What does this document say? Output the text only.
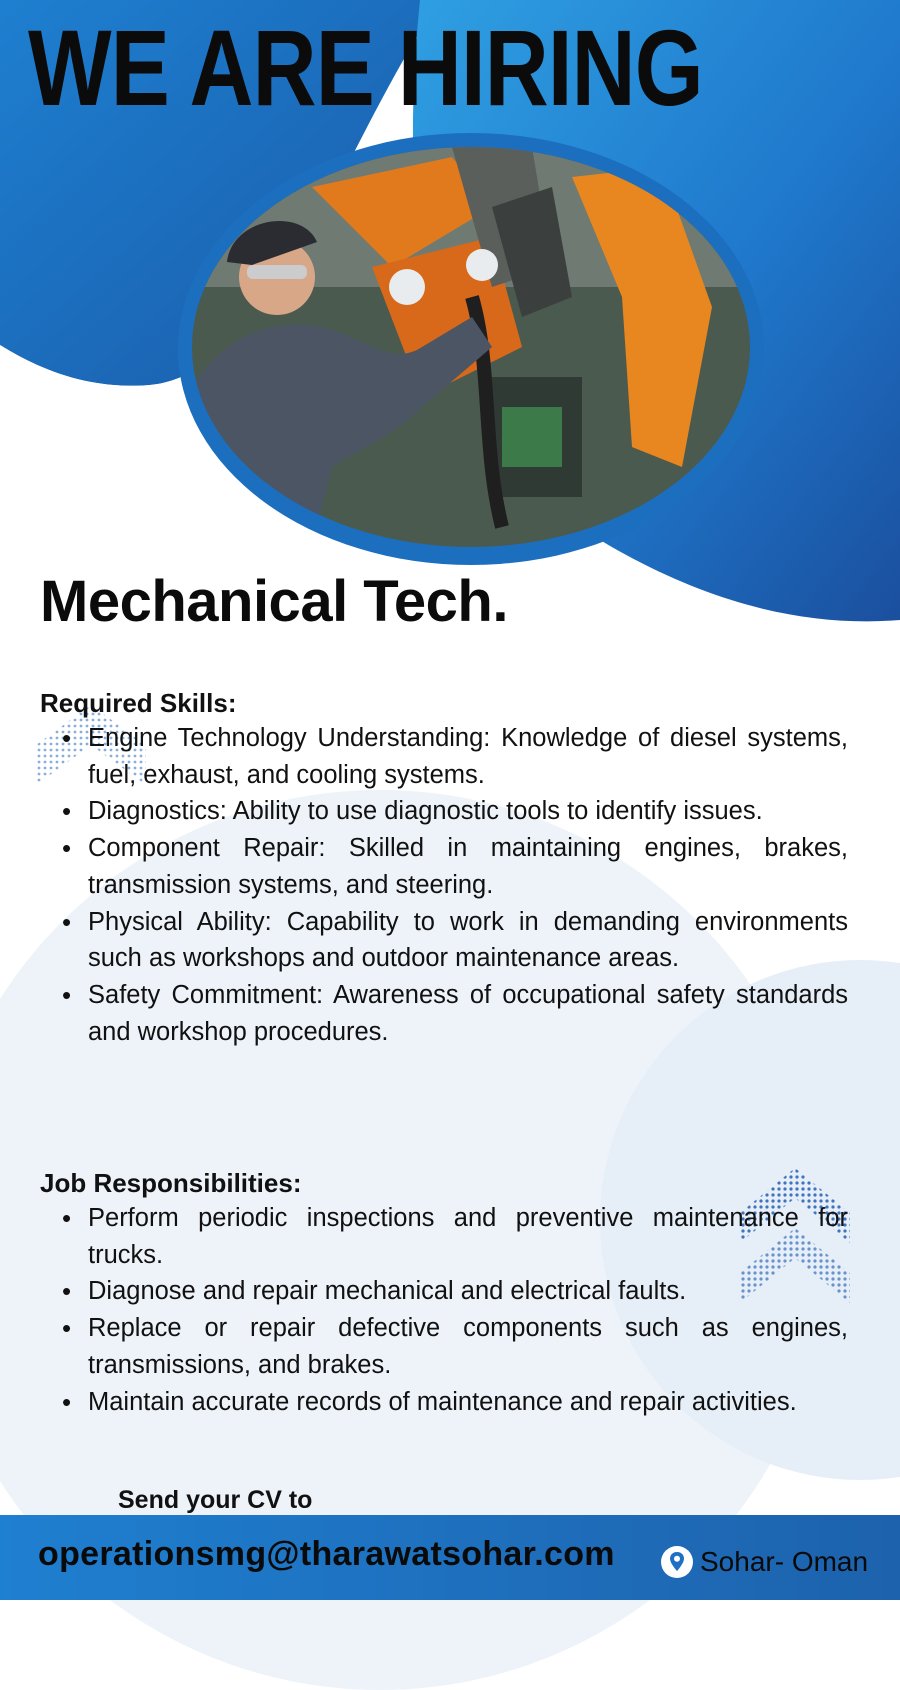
WE ARE HIRING
Mechanical Tech.
Required Skills:
• Engine Technology Understanding: Knowledge of diesel systems, fuel, exhaust, and cooling systems.
• Diagnostics: Ability to use diagnostic tools to identify issues.
• Component Repair: Skilled in maintaining engines, brakes, transmission systems, and steering.
• Physical Ability: Capability to work in demanding environments such as workshops and outdoor maintenance areas.
• Safety Commitment: Awareness of occupational safety standards and workshop procedures.
Job Responsibilities:
• Perform periodic inspections and preventive maintenance for trucks.
• Diagnose and repair mechanical and electrical faults.
• Replace or repair defective components such as engines, transmissions, and brakes.
• Maintain accurate records of maintenance and repair activities.
Send your CV to
operationsmg@tharawatsohar.com	Sohar- Oman
